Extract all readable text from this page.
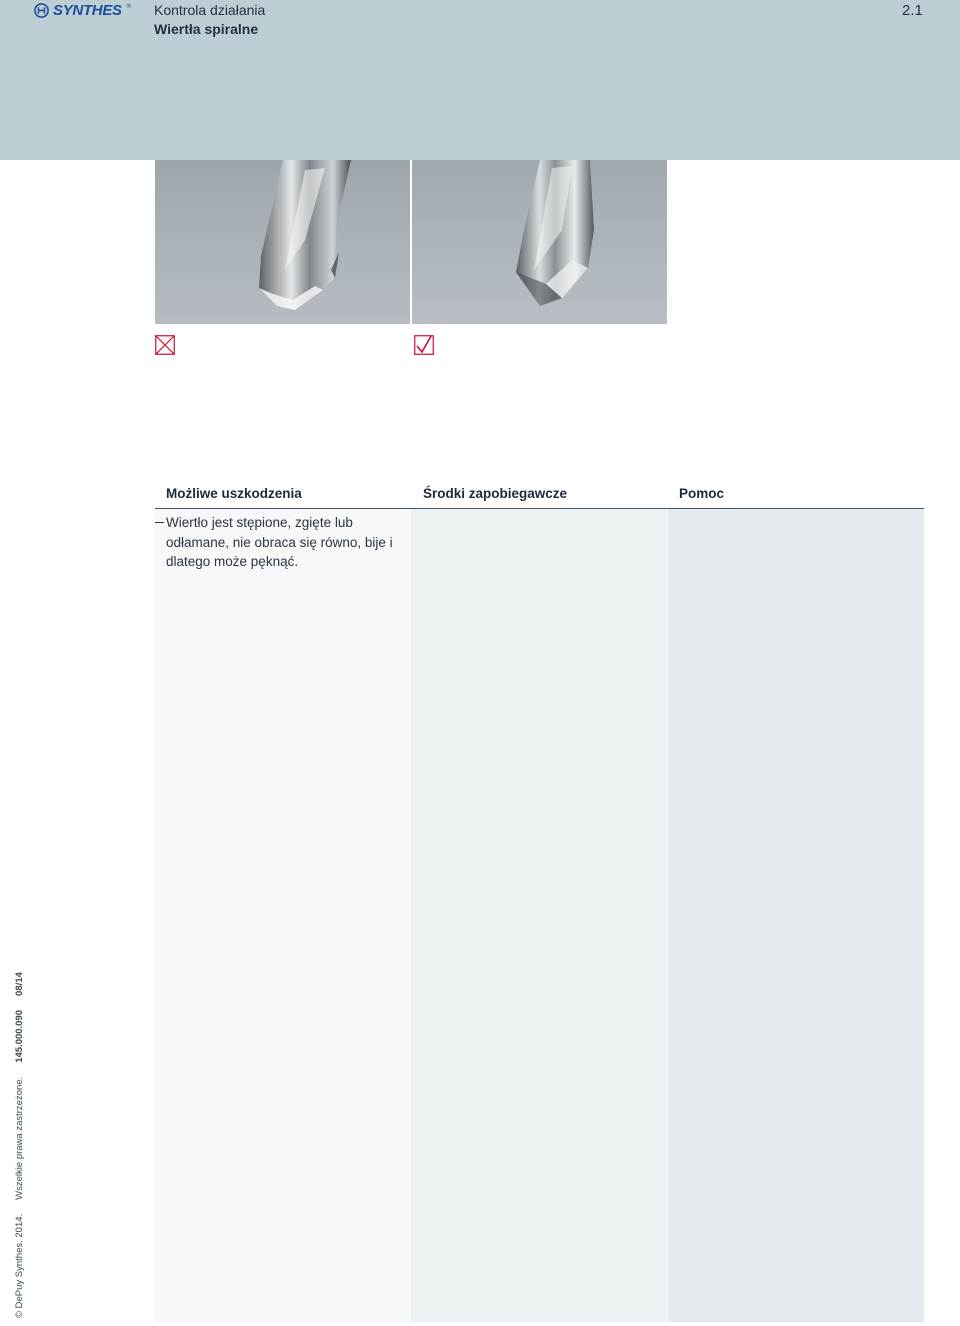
SYNTHES ® Kontrola działania
Wiertła spiralne
2.1
Możliwe uszkodzenia	Środki zapobiegawcze	Pomoc
Wiertło jest stępione, zgięte lub odłamane, nie obraca się równo, bije i dlatego może pęknąć.
© DePuy Synthes. 2014.Wszelkie prawa zastrzeżone.145.000.09008/14
